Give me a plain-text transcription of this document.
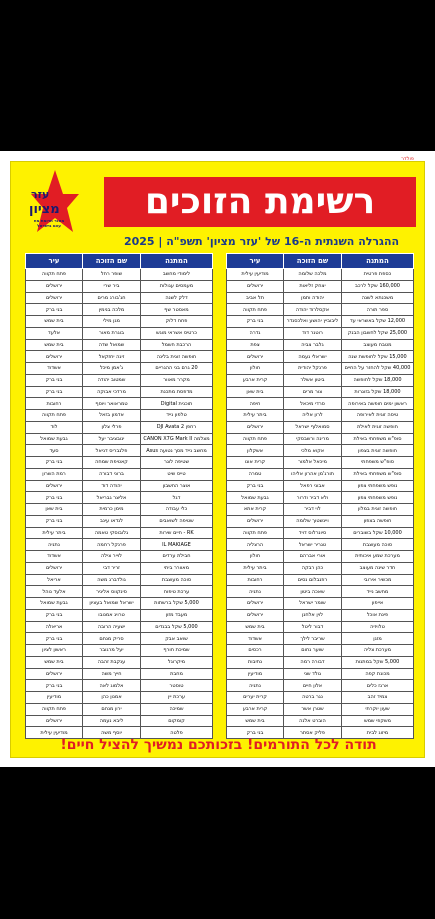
פולדר
עזר
מציון
מאגר תרומת מח עצם בישראל
רשימת הזוכים
ההגרלה השנתית ה-16 של 'עזר מציון' תשפ"ה | 2025
המתנה	שם הזוכה	עיר
כספת פרטית	מלכה שלומה	מודיעין עילית
160,000 שקל לרכב	יצחק זליאות	ירושלים
משכנתא לשנה	יהודה ותמן	תל אביב
ספר תורה	אקסלרוד יהודה	פתח תקווה
12,000 שקל באשראי עד	ליבוביץ יהושע ואלכסנדר	בני ברק
25,000 שקל לחשבון הבנק	רוטנר דוד	גדרה
מטבח מעוצב	גלבר צביה	צפת
15,000 שקל לחופשת שנה	ישראלי נעמה	ירושלים
40,000 שקל להחזר על החיים	פרנקל יהודית	חולון
18,000 שקל לחופשה	ביטון אשלר	קרית ארבע
18,000 שקל בזוגרות	צור מרים	בית שאן
ראשון ימים חופשה באירופה	סרדי מיכאל	חיפה
טיסה זוגית לאירופה	לרון אליה	ביתר עילית
חופשה זוגית לאילת	סמואלוף ישראל	ירושלים
סופ"ש משפחתי באילת	מרינה ורשבסקי	פתח תקווה
חופשה זוגית בצפון	אקוא מלכי	אשקלון
סופ"ש משפחתי	מיכאל אלמור	קרית אונו
סופ"ש משפחתי באילת	תורג'מן אהרון אליהו	טמרה
נופש משפחתי צפון	אבוני רפאל	בני ברק
נופש משפחתי צפון	ולא דביר ודרור	גבעת שמואל
חופשה זוגית במלון	לוי דביר	קרית אתא
חופשה בצפון	ויינשטוך שלומה	ירושלים
10,000 שקל בשוברים	סיונרלוס דויד	פתח תקווה
סוכה מעוצבת	טגריר ישראל	הרצליה
מערכת שמע איכותית	אורי אברהם	חולון
חדר שינה מעוצב	כהן רבקה	ביתר עילית
מכשיר אירובי	רוזנבלום נסים	רחובות
מחשב נייד	שאכה ביטון	נתניה
אייפון	שומר ישראל	ירושלים
פינת אוכל	לוין אלחנן	ירושלים
טלויזיה	דבור ליטל	בית שמש
מזגן	שריבר לילך	אשדוד
מערכת צליה	שוער נחום	רכסים
5,000 שקל במתנות	דבורה רמה	נתיבות
מכונת קפה	גולד שני	מודיעין
ארגז כלים	אלון חיים	נתניה
צמיד זהב	נגר ברטה	קרית יערים
שעון יוקרתי	שטרן אשר	קרית ארבע
משקפי שמש	הוברט אלנה	בית שמש
מיזוג לבית	פליק אסתר	בני ברק
המתנה	שם הזוכה	עיר
לימודי מחשב	שופר רחל	פתח תקווה
מעמסים עגולות	ביר שרי	ירושלים
דלק לשנה	חג'בורג מרים	ירושלים
מאסטר שף	מלכה בנימין	בני ברק
פחח דלוק	מגן מילי	בית שמש
כרטיס אשראי מוגש	בוגרת מאור	אלעד
הרכבת חשמל	שמואל שדה	בית שמש
חופשה זוגית בלינה	זיגה יחזקאל	ירושלים
20 גרם בני ההגריים	ג'אמן מיכל	אשדוד
מקרר מאוור	שמטוב יהודה	בני ברק
מדפסת מתכנת	מרדכי אבוקה	בני ברק
תוכנית Digital	טמראואר ויוסף	רחובות
טלפון נייד	אדמון בזאל	פתח תקווה
רחפן DJI Avata 2	פרלי צלון	לוד
מצלמה CANON X7G Mark II	ינובציבר יעל	גבעת שמואל
מחשב נייד מסך נטועה Asus	פלנבריס דניאל	סעד
שטיפה לוגר	קאטיפת שמחה	בני ברק
טייס שיט	ברוני דבורה	רמת השרון
אוצר החשבון	יהודה דוד	ירושלים
דגל	אליצר גבריאל	בני ברק
כלי עבודה	מימן כרמית	בית שאן
שטיפה לשואבים	לנדאו עינב	בני ברק
RK - חיים שירות	גלובוסקי טאמה	ביתר עילית
IL MAKIAGE	פרנקל רחמה	נתניה
חבילת ערדים	לוייר צילה	אשדוד
מאוורר ביתי	זריר דבי	ירושלים
סוכה מעוצבת	גולדברג משה	אריאל
ערכת טיפוח	סינקווס אליגיר	אלעד נוהל
5,000 שקל ברשתות	ישראל שמואל בעציון	גבעת שמואל
מעבד מזון	טרויג אמנובו	בני ברק
5,000 שקל בבגדים	ישעיה הרובה	אריאלה
שואב אבק	סריק מנחם	בני ברק
שמיכת חורף	יעל מרגובר	ראשון לציון
מיקרוגל	ענקבת זהבה	בית שמש
מחבת	חייך משה	ירושלים
טוסטר	אלמוג לאה	בני ברק
ערכת יין	אמנון כהן	מודיעין
שמיכה	ירון מנחם	פתח תקווה
קומקום	ליבא נעמה	ירושלים
פלטה	יוסף משה	מודיעין עילית
תודה לכל התורמים! בזכותכם נמשיך להציל חיים!
